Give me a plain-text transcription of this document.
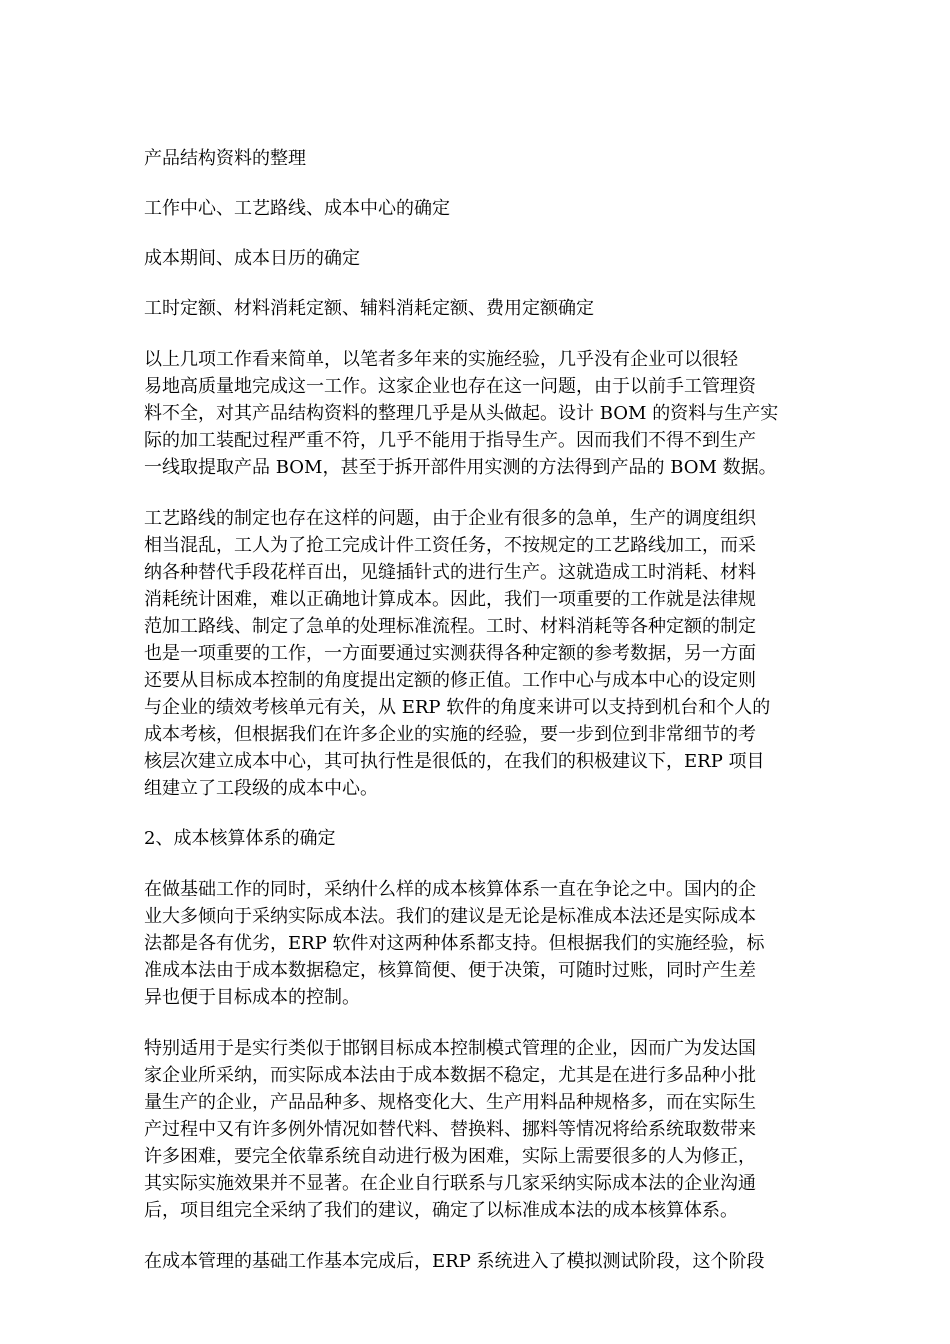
产品结构资料的整理
工作中心、工艺路线、成本中心的确定
成本期间、成本日历的确定
工时定额、材料消耗定额、辅料消耗定额、费用定额确定
以上几项工作看来简单，以笔者多年来的实施经验，几乎没有企业可以很轻
易地高质量地完成这一工作。这家企业也存在这一问题，由于以前手工管理资
料不全，对其产品结构资料的整理几乎是从头做起。设计 BOM 的资料与生产实
际的加工装配过程严重不符，几乎不能用于指导生产。因而我们不得不到生产
一线取提取产品 BOM，甚至于拆开部件用实测的方法得到产品的 BOM 数据。
工艺路线的制定也存在这样的问题，由于企业有很多的急单，生产的调度组织
相当混乱，工人为了抢工完成计件工资任务，不按规定的工艺路线加工，而采
纳各种替代手段花样百出，见缝插针式的进行生产。这就造成工时消耗、材料
消耗统计困难，难以正确地计算成本。因此，我们一项重要的工作就是法律规
范加工路线、制定了急单的处理标准流程。工时、材料消耗等各种定额的制定
也是一项重要的工作，一方面要通过实测获得各种定额的参考数据，另一方面
还要从目标成本控制的角度提出定额的修正值。工作中心与成本中心的设定则
与企业的绩效考核单元有关，从 ERP 软件的角度来讲可以支持到机台和个人的
成本考核，但根据我们在许多企业的实施的经验，要一步到位到非常细节的考
核层次建立成本中心，其可执行性是很低的，在我们的积极建议下，ERP 项目
组建立了工段级的成本中心。
2、成本核算体系的确定
在做基础工作的同时，采纳什么样的成本核算体系一直在争论之中。国内的企
业大多倾向于采纳实际成本法。我们的建议是无论是标准成本法还是实际成本
法都是各有优劣，ERP 软件对这两种体系都支持。但根据我们的实施经验，标
准成本法由于成本数据稳定，核算简便、便于决策，可随时过账，同时产生差
异也便于目标成本的控制。
特别适用于是实行类似于邯钢目标成本控制模式管理的企业，因而广为发达国
家企业所采纳，而实际成本法由于成本数据不稳定，尤其是在进行多品种小批
量生产的企业，产品品种多、规格变化大、生产用料品种规格多，而在实际生
产过程中又有许多例外情况如替代料、替换料、挪料等情况将给系统取数带来
许多困难，要完全依靠系统自动进行极为困难，实际上需要很多的人为修正，
其实际实施效果并不显著。在企业自行联系与几家采纳实际成本法的企业沟通
后，项目组完全采纳了我们的建议，确定了以标准成本法的成本核算体系。
在成本管理的基础工作基本完成后，ERP 系统进入了模拟测试阶段，这个阶段
